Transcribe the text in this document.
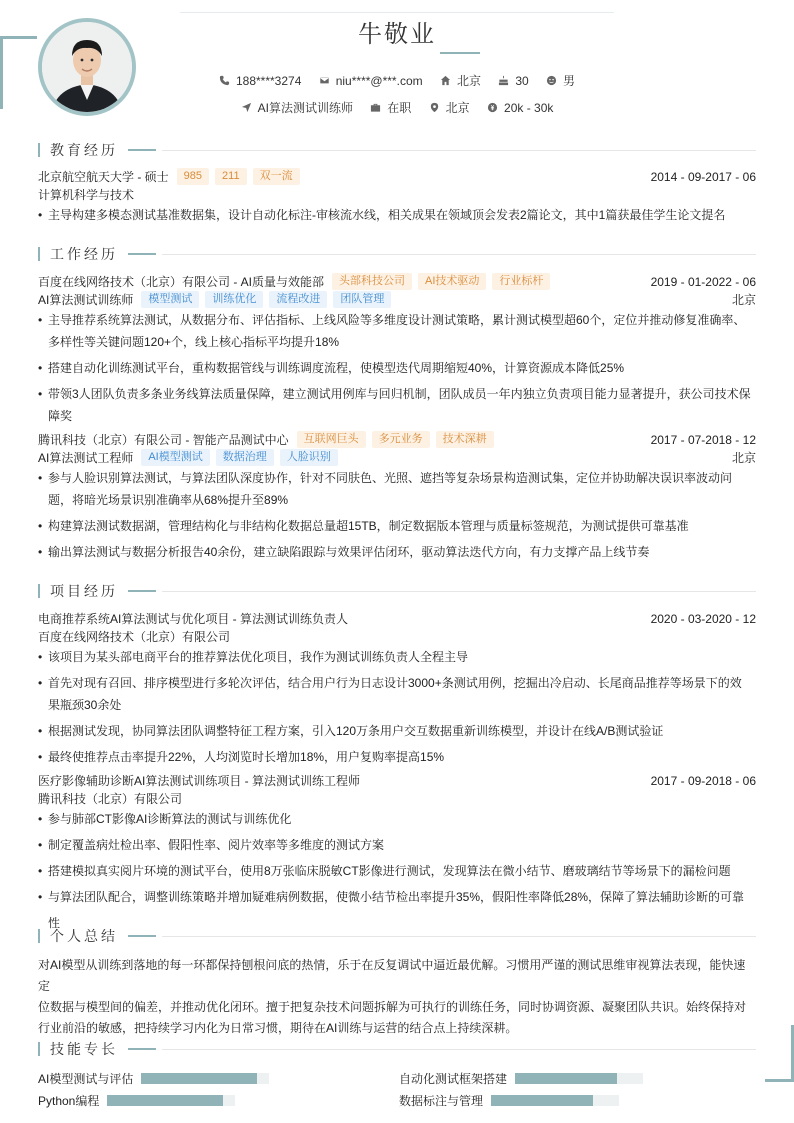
牛敬业
188****3274
	niu****@***.com
	北京
	30
	男
AI算法测试训练师
	在职
	北京
	20k - 30k
教育经历
北京航空航天大学 - 硕士	985	211	双一流	2014 - 09-2017 - 06
计算机科学与技术
• 主导构建多模态测试基准数据集，设计自动化标注-审核流水线，相关成果在领域顶会发表2篇论文，其中1篇获最佳学生论文提名
工作经历
百度在线网络技术（北京）有限公司 - AI质量与效能部	头部科技公司	AI技术驱动	行业标杆	2019 - 01-2022 - 06
AI算法测试训练师	模型测试	训练优化	流程改进	团队管理	北京
• 主导推荐系统算法测试，从数据分布、评估指标、上线风险等多维度设计测试策略，累计测试模型超60个，定位并推动修复准确率、
多样性等关键问题120+个，线上核心指标平均提升18%
• 搭建自动化训练测试平台，重构数据管线与训练调度流程，使模型迭代周期缩短40%，计算资源成本降低25%
• 带领3人团队负责多条业务线算法质量保障，建立测试用例库与回归机制，团队成员一年内独立负责项目能力显著提升，获公司技术保
障奖
腾讯科技（北京）有限公司 - 智能产品测试中心	互联网巨头	多元业务	技术深耕	2017 - 07-2018 - 12
AI算法测试工程师	AI模型测试	数据治理	人脸识别	北京
• 参与人脸识别算法测试，与算法团队深度协作，针对不同肤色、光照、遮挡等复杂场景构造测试集，定位并协助解决误识率波动问
题，将暗光场景识别准确率从68%提升至89%
• 构建算法测试数据湖，管理结构化与非结构化数据总量超15TB，制定数据版本管理与质量标签规范，为测试提供可靠基准
• 输出算法测试与数据分析报告40余份，建立缺陷跟踪与效果评估闭环，驱动算法迭代方向，有力支撑产品上线节奏
项目经历
电商推荐系统AI算法测试与优化项目 - 算法测试训练负责人	2020 - 03-2020 - 12
百度在线网络技术（北京）有限公司
• 该项目为某头部电商平台的推荐算法优化项目，我作为测试训练负责人全程主导
• 首先对现有召回、排序模型进行多轮次评估，结合用户行为日志设计3000+条测试用例，挖掘出冷启动、长尾商品推荐等场景下的效
果瓶颈30余处
• 根据测试发现，协同算法团队调整特征工程方案，引入120万条用户交互数据重新训练模型，并设计在线A/B测试验证
• 最终使推荐点击率提升22%，人均浏览时长增加18%，用户复购率提高15%
医疗影像辅助诊断AI算法测试训练项目 - 算法测试训练工程师	2017 - 09-2018 - 06
腾讯科技（北京）有限公司
• 参与肺部CT影像AI诊断算法的测试与训练优化
• 制定覆盖病灶检出率、假阳性率、阅片效率等多维度的测试方案
• 搭建模拟真实阅片环境的测试平台，使用8万张临床脱敏CT影像进行测试，发现算法在微小结节、磨玻璃结节等场景下的漏检问题
• 与算法团队配合，调整训练策略并增加疑难病例数据，使微小结节检出率提升35%，假阳性率降低28%，保障了算法辅助诊断的可靠性
个人总结
对AI模型从训练到落地的每一环都保持刨根问底的热情，乐于在反复调试中逼近最优解。习惯用严谨的测试思维审视算法表现，能快速定
位数据与模型间的偏差，并推动优化闭环。擅于把复杂技术问题拆解为可执行的训练任务，同时协调资源、凝聚团队共识。始终保持对
行业前沿的敏感，把持续学习内化为日常习惯，期待在AI训练与运营的结合点上持续深耕。
技能专长
AI模型测试与评估	自动化测试框架搭建
Python编程	数据标注与管理
